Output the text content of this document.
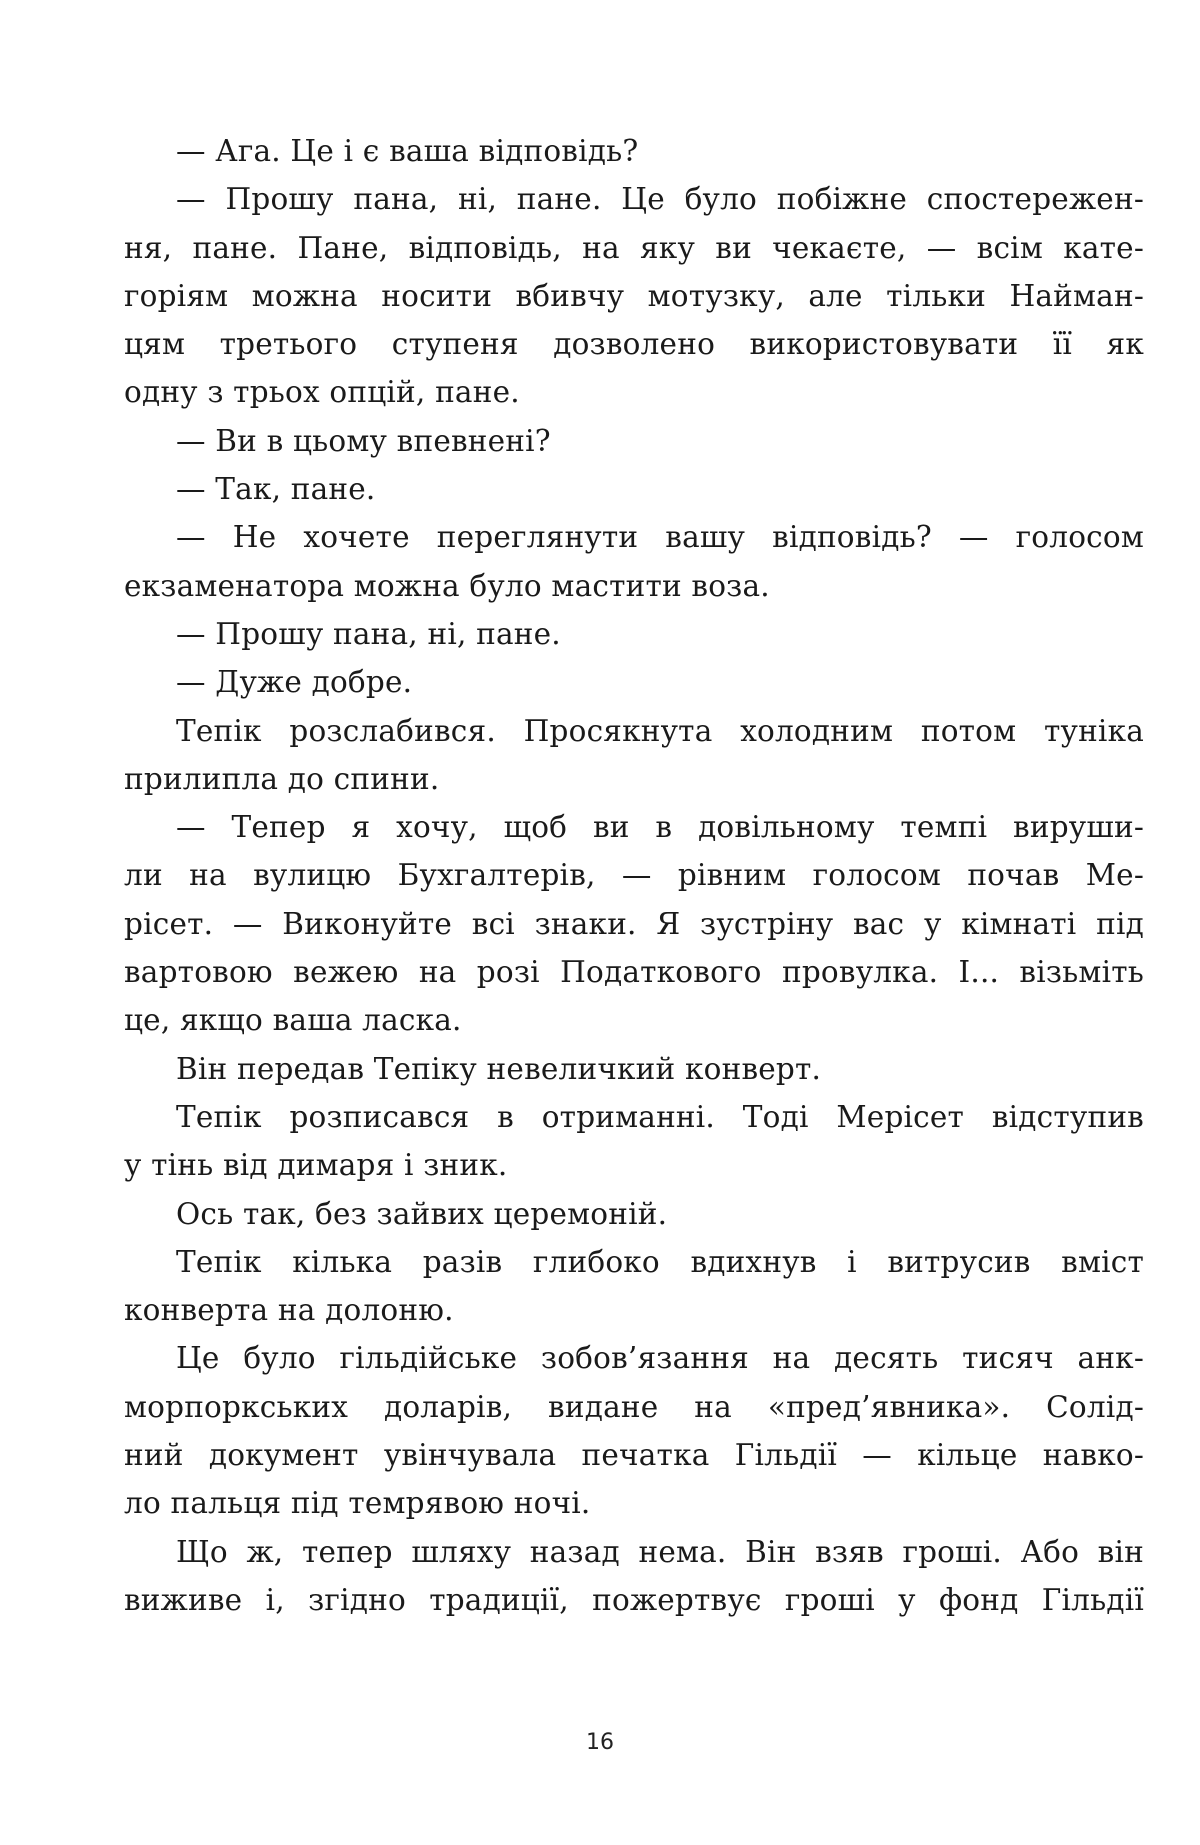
— Ага. Це і є ваша відповідь?
— Прошу пана, ні, пане. Це було побіжне спостережен-
ня, пане. Пане, відповідь, на яку ви чекаєте, — всім кате-
горіям можна носити вбивчу мотузку, але тільки Найман-
цям третього ступеня дозволено використовувати її як
одну з трьох опцій, пане.
— Ви в цьому впевнені?
— Так, пане.
— Не хочете переглянути вашу відповідь? — голосом
екзаменатора можна було мастити воза.
— Прошу пана, ні, пане.
— Дуже добре.
Тепік розслабився. Просякнута холодним потом туніка
прилипла до спини.
— Тепер я хочу, щоб ви в довільному темпі вируши-
ли на вулицю Бухгалтерів, — рівним голосом почав Ме-
рісет. — Виконуйте всі знаки. Я зустріну вас у кімнаті під
вартовою вежею на розі Податкового провулка. І... візьміть
це, якщо ваша ласка.
Він передав Тепіку невеличкий конверт.
Тепік розписався в отриманні. Тоді Мерісет відступив
у тінь від димаря і зник.
Ось так, без зайвих церемоній.
Тепік кілька разів глибоко вдихнув і витрусив вміст
конверта на долоню.
Це було гільдійське зобов’язання на десять тисяч анк-
морпоркських доларів, видане на «пред’явника». Солід-
ний документ увінчувала печатка Гільдії — кільце навко-
ло пальця під темрявою ночі.
Що ж, тепер шляху назад нема. Він взяв гроші. Або він
виживе і, згідно традиції, пожертвує гроші у фонд Гільдії
16
